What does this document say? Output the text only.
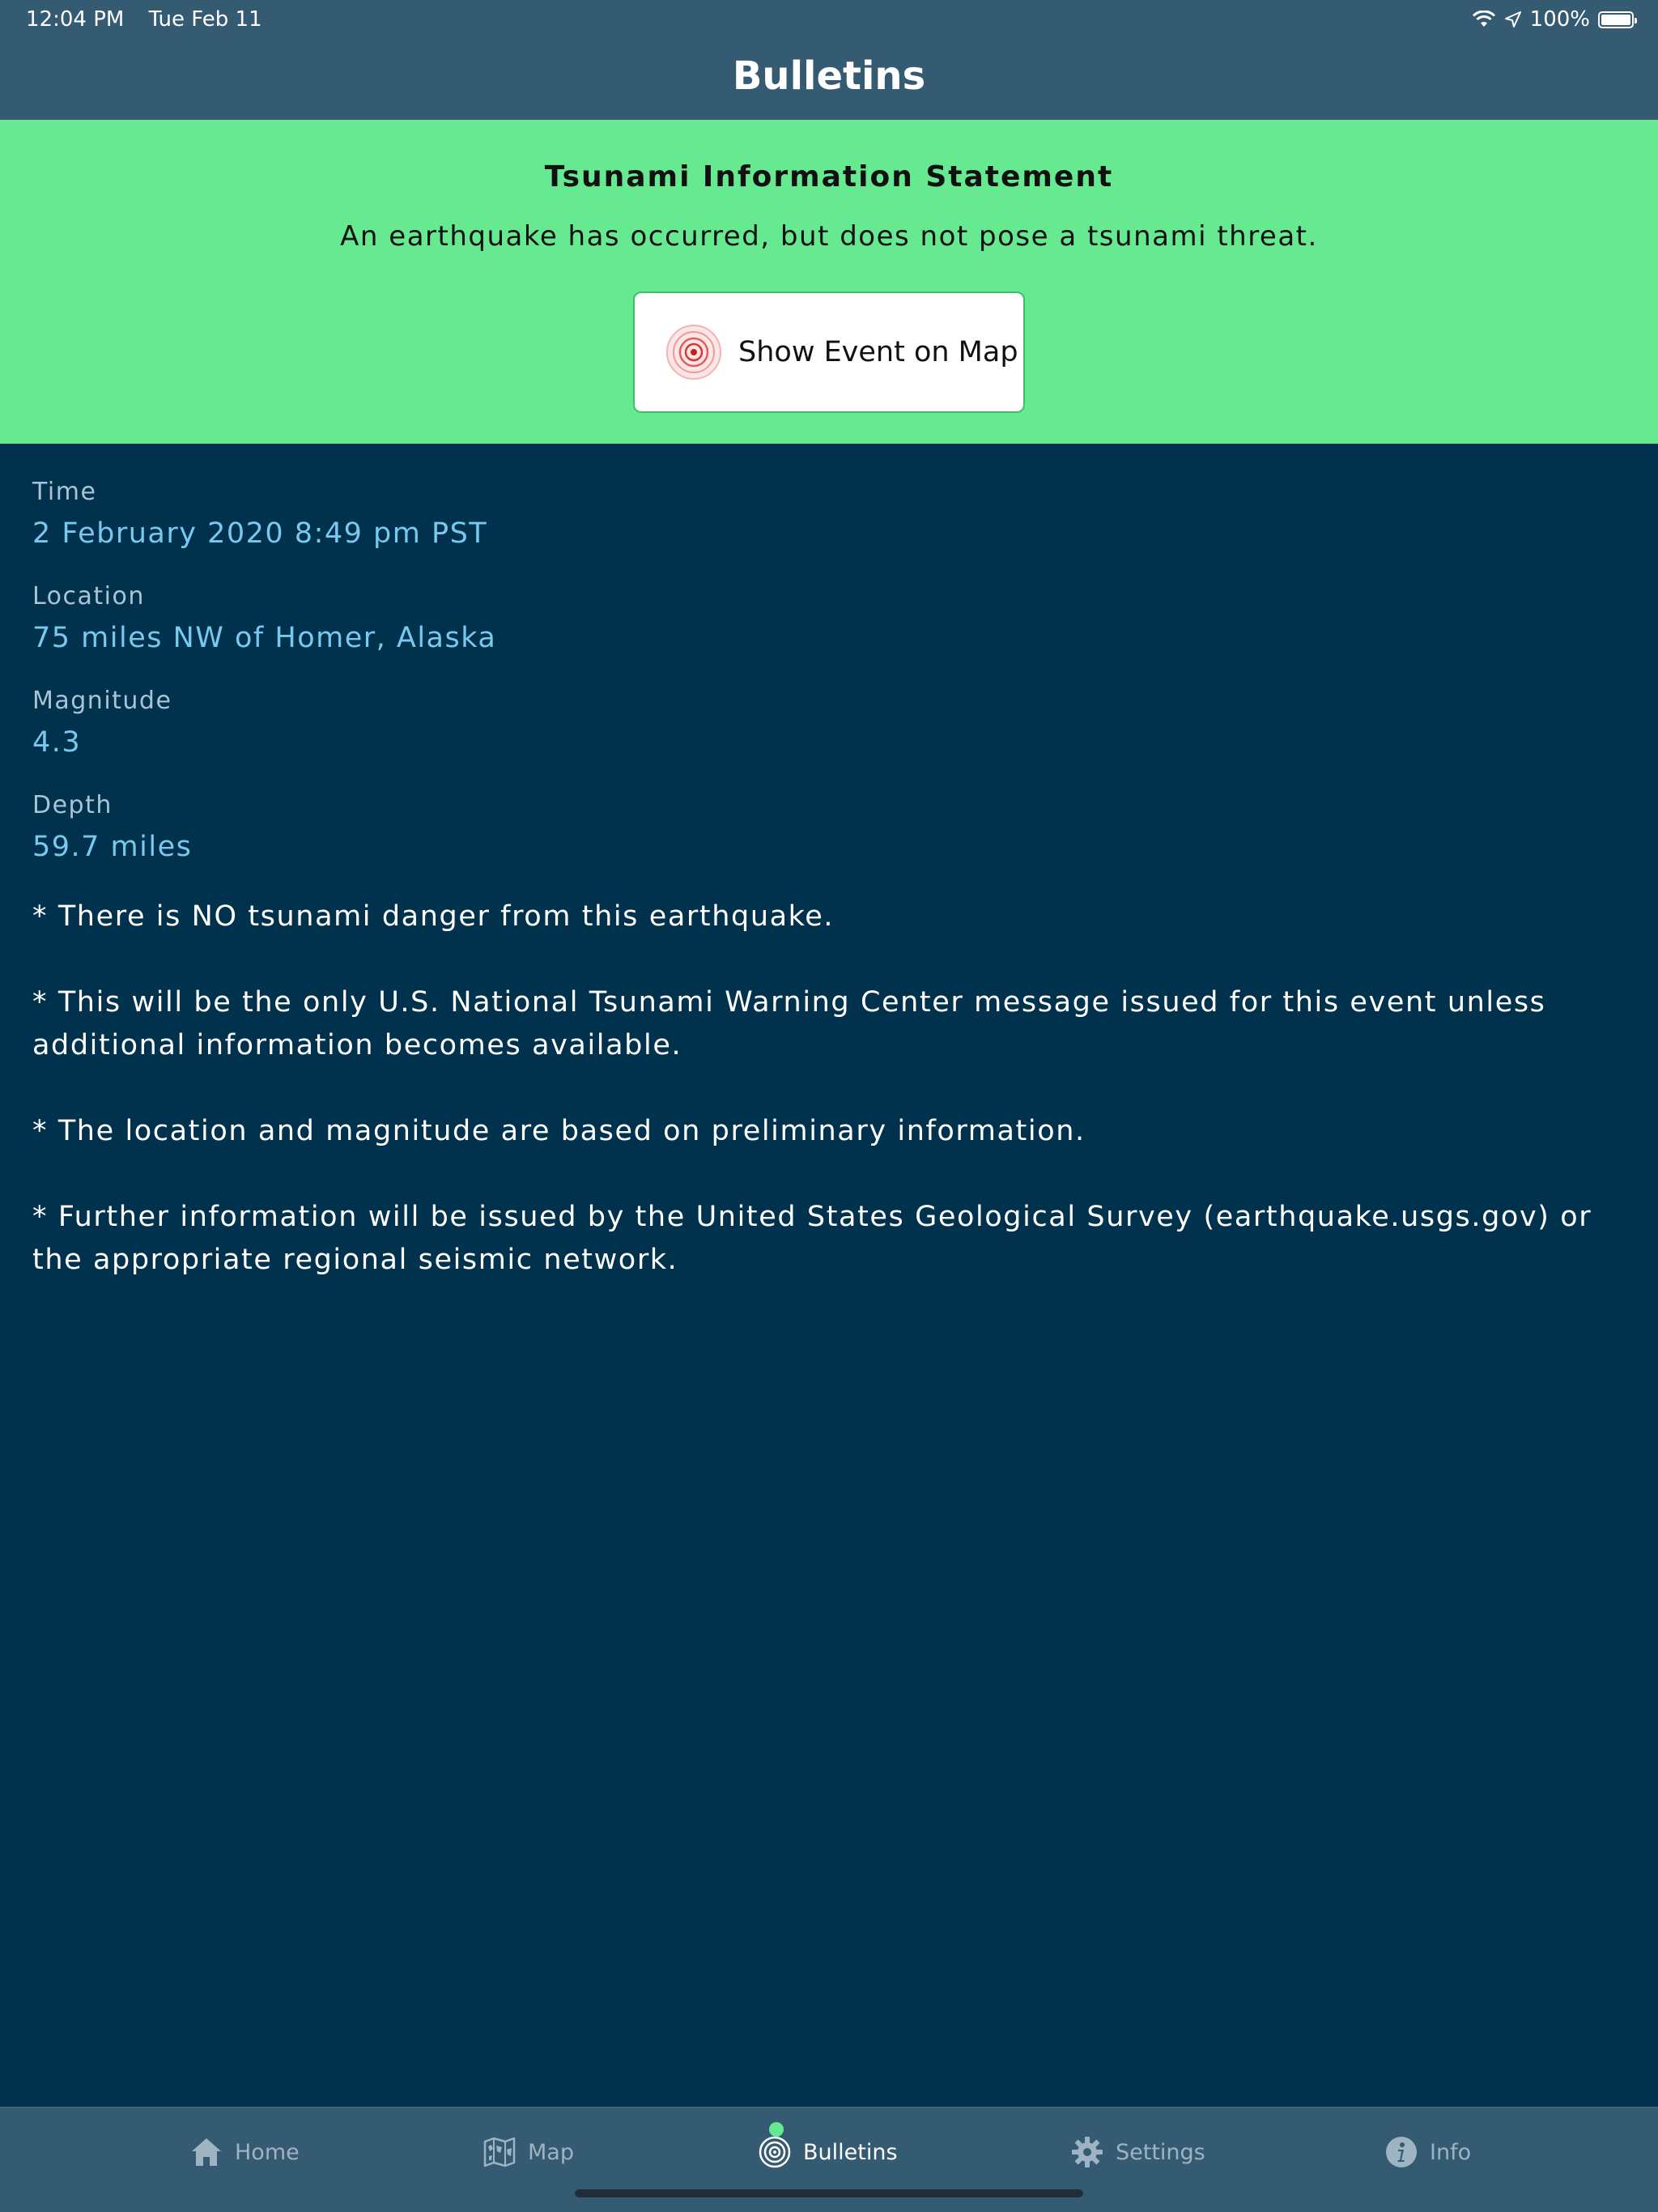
12:04 PM Tue Feb 11	100%
Bulletins
Tsunami Information Statement
An earthquake has occurred, but does not pose a tsunami threat.
Show Event on Map
Time
2 February 2020 8:49 pm PST
Location
75 miles NW of Homer, Alaska
Magnitude
4.3
Depth
59.7 miles
* There is NO tsunami danger from this earthquake.
* This will be the only U.S. National Tsunami Warning Center message issued for this event unless additional information becomes available.
* The location and magnitude are based on preliminary information.
* Further information will be issued by the United States Geological Survey (earthquake.usgs.gov) or the appropriate regional seismic network.
Home	Map	Bulletins	Settings	Info
